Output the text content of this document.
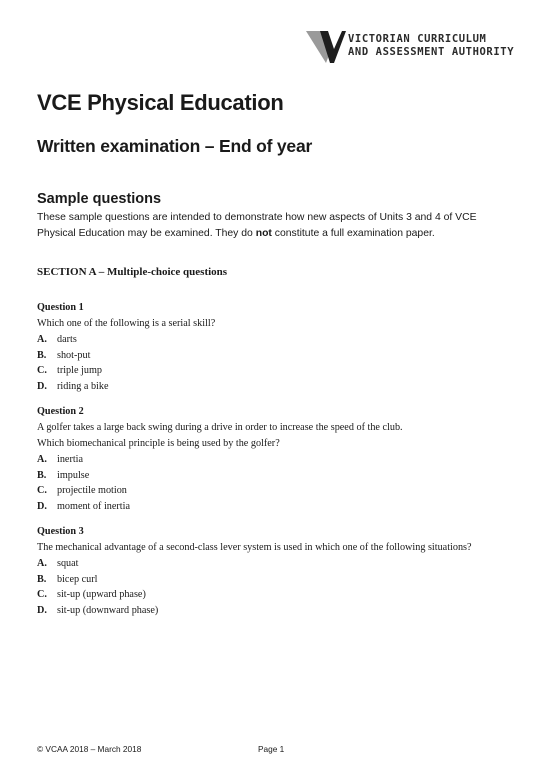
VICTORIAN CURRICULUM
AND ASSESSMENT AUTHORITY
VCE Physical Education
Written examination – End of year
Sample questions

These sample questions are intended to demonstrate how new aspects of Units 3 and 4 of VCE Physical Education may be examined. They do not constitute a full examination paper.

SECTION A – Multiple-choice questions

Question 1

Which one of the following is a serial skill?

A. darts
B.	shot-put
C. triple jump
D. riding a bike

Question 2

A golfer takes a large back swing during a drive in order to increase the speed of the club.

Which biomechanical principle is being used by the golfer?

A. inertia
B.	impulse
C. projectile motion
D. moment of inertia

Question 3

The mechanical advantage of a second-class lever system is used in which one of the following situations?

A. squat
B.	bicep curl
C. sit-up (upward phase)
D. sit-up (downward phase)
© VCAA 2018 – March 2018	Page 1
